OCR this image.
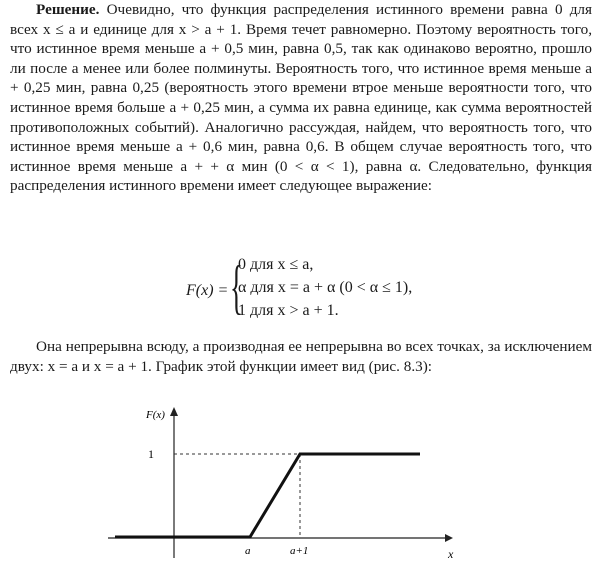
Решение. Очевидно, что функция распределения истинного времени равна 0 для всех x ≤ a и единице для x > a + 1. Время течет равномерно. Поэтому вероятность того, что истинное время меньше a + 0,5 мин, равна 0,5, так как одинаково вероятно, прошло ли после a менее или более полминуты. Вероятность того, что истинное время меньше a + 0,25 мин, равна 0,25 (вероятность этого времени втрое меньше вероятности того, что истинное время больше a + 0,25 мин, а сумма их равна единице, как сумма вероятностей противоположных событий). Аналогично рассуждая, найдем, что вероятность того, что истинное время меньше a + 0,6 мин, равна 0,6. В общем случае вероятность того, что истинное время меньше a + + α мин (0 < α < 1), равна α. Следовательно, функция распределения истинного времени имеет следующее выражение:

F(x) = {
0 для x ≤ a,
α для x = a + α (0 < α ≤ 1),
1 для x > a + 1.

Она непрерывна всюду, а производная ее непрерывна во всех точках, за исключением двух: x = a и x = a + 1. График этой функции имеет вид (рис. 8.3):

F(x)
x
1
a	a+1
